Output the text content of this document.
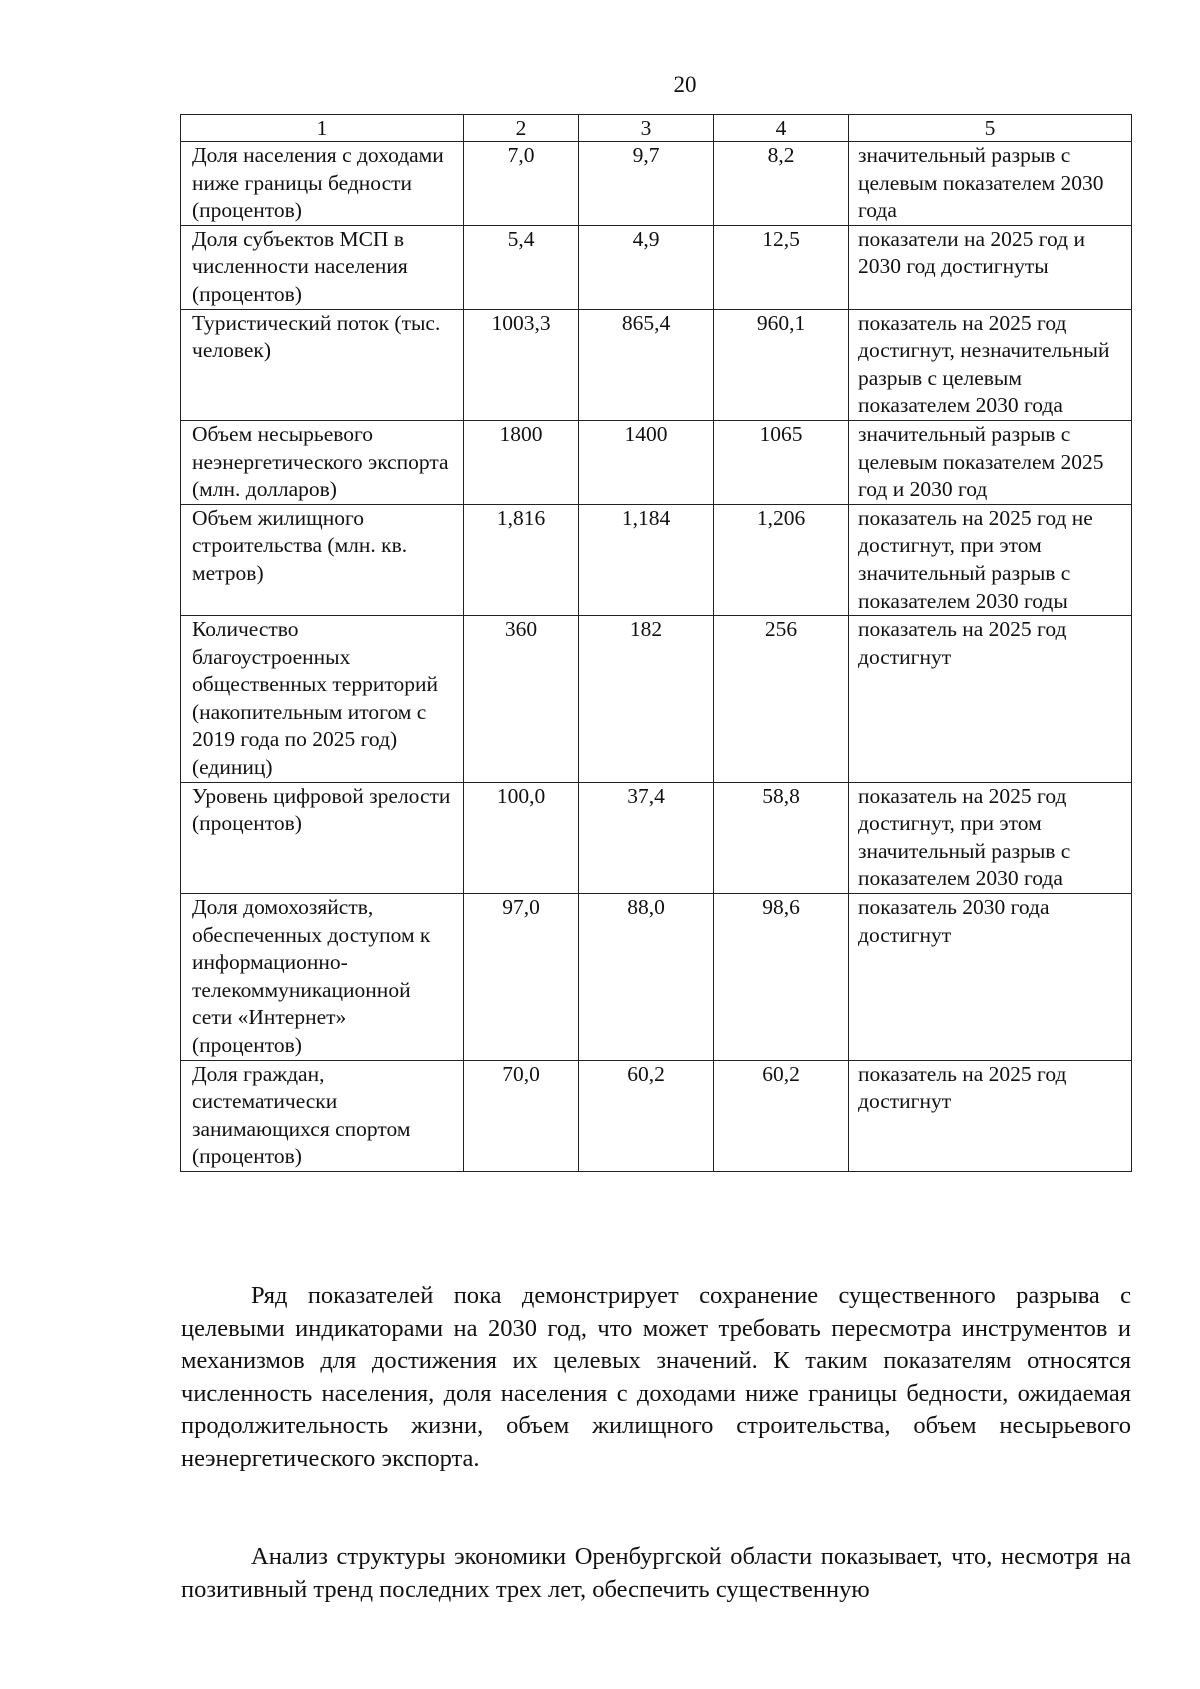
20
1	2	3	4	5
Доля населения с доходами ниже границы бедности (процентов)	7,0	9,7	8,2	значительный разрыв с целевым показателем 2030 года
Доля субъектов МСП в численности населения (процентов)	5,4	4,9	12,5	показатели на 2025 год и 2030 год достигнуты
Туристический поток (тыс. человек)	1003,3	865,4	960,1	показатель на 2025 год достигнут, незначительный разрыв с целевым показателем 2030 года
Объем несырьевого неэнергетического экспорта (млн. долларов)	1800	1400	1065	значительный разрыв с целевым показателем 2025 год и 2030 год
Объем жилищного строительства (млн. кв. метров)	1,816	1,184	1,206	показатель на 2025 год не достигнут, при этом значительный разрыв с показателем 2030 годы
Количество благоустроенных общественных территорий (накопительным итогом с 2019 года по 2025 год) (единиц)	360	182	256	показатель на 2025 год достигнут
Уровень цифровой зрелости (процентов)	100,0	37,4	58,8	показатель на 2025 год достигнут, при этом значительный разрыв с показателем 2030 года
Доля домохозяйств, обеспеченных доступом к информационно-телекоммуникационной сети «Интернет» (процентов)	97,0	88,0	98,6	показатель 2030 года достигнут
Доля граждан, систематически занимающихся спортом (процентов)	70,0	60,2	60,2	показатель на 2025 год достигнут

Ряд показателей пока демонстрирует сохранение существенного разрыва с целевыми индикаторами на 2030 год, что может требовать пересмотра инструментов и механизмов для достижения их целевых значений. К таким показателям относятся численность населения, доля населения с доходами ниже границы бедности, ожидаемая продолжительность жизни, объем жилищного строительства, объем несырьевого неэнергетического экспорта.

Анализ структуры экономики Оренбургской области показывает, что, несмотря на позитивный тренд последних трех лет, обеспечить существенную
